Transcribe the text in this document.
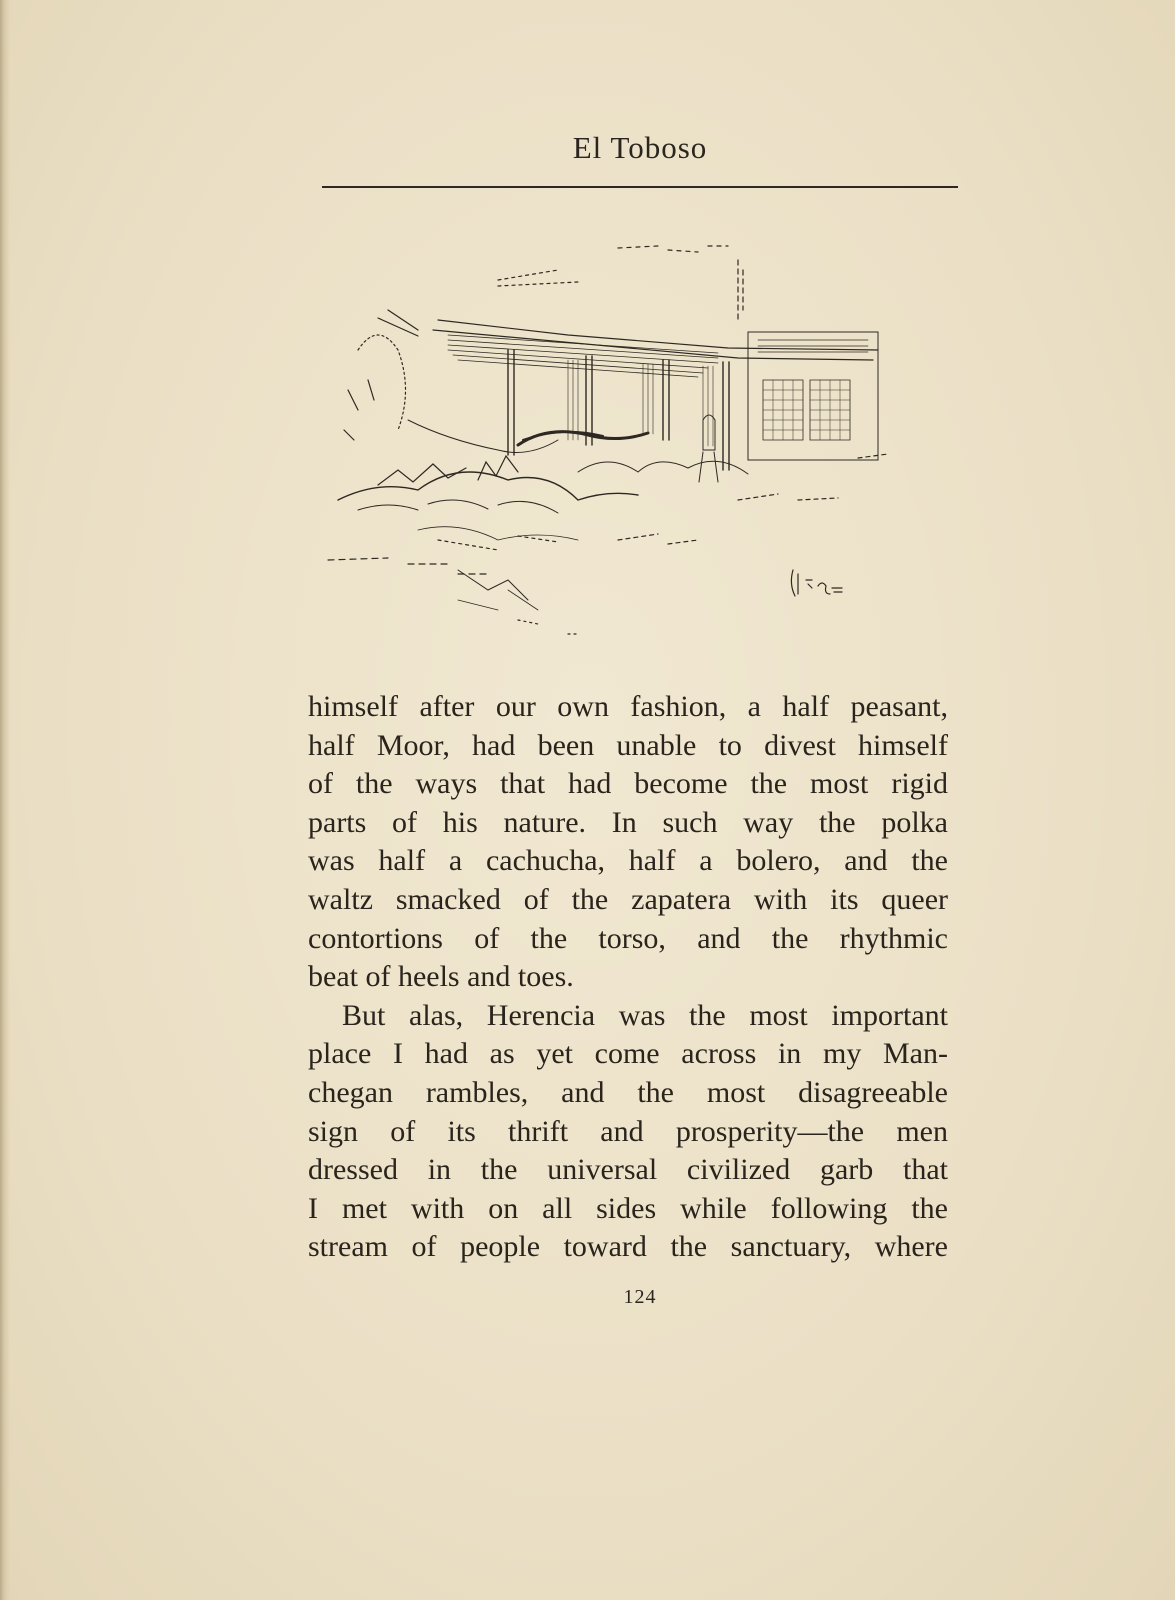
El Toboso
himself after our own fashion, a half peasant,
half Moor, had been unable to divest himself
of the ways that had become the most rigid
parts of his nature. In such way the polka
was half a cachucha, half a bolero, and the
waltz smacked of the zapatera with its queer
contortions of the torso, and the rhythmic
beat of heels and toes.
But alas, Herencia was the most important
place I had as yet come across in my Man-
chegan rambles, and the most disagreeable
sign of its thrift and prosperity—the men
dressed in the universal civilized garb that
I met with on all sides while following the
stream of people toward the sanctuary, where
124
